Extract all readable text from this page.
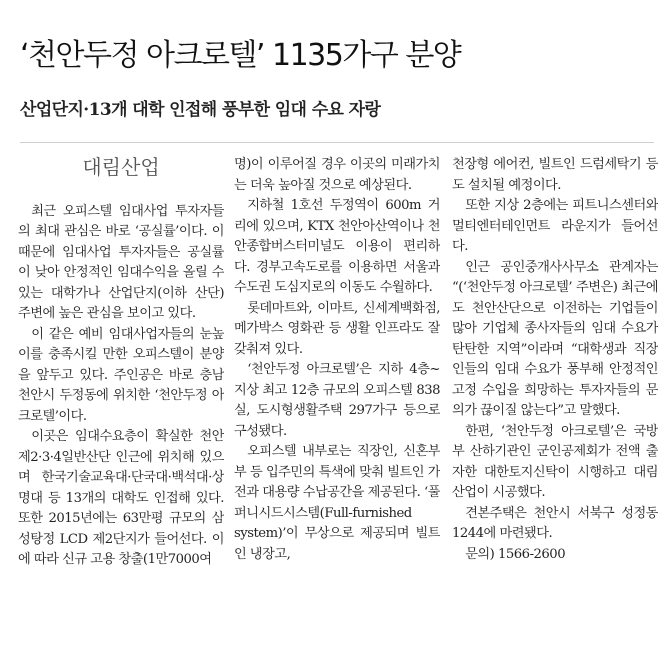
‘천안두정 아크로텔’ 1135가구 분양
산업단지·13개 대학 인접해 풍부한 임대 수요 자랑
대림산업

최근 오피스텔 임대사업 투자자들의 최대 관심은 바로 ‘공실률’이다. 이 때문에 임대사업 투자자들은 공실률이 낮아 안정적인 임대수익을 올릴 수 있는 대학가나 산업단지(이하 산단) 주변에 높은 관심을 보이고 있다.

이 같은 예비 임대사업자들의 눈높이를 충족시킬 만한 오피스텔이 분양을 앞두고 있다. 주인공은 바로 충남 천안시 두정동에 위치한 ‘천안두정 아크로텔’이다.

이곳은 임대수요층이 확실한 천안 제2·3·4일반산단 인근에 위치해 있으며 한국기술교육대·단국대·백석대·상명대 등 13개의 대학도 인접해 있다. 또한 2015년에는 63만평 규모의 삼성탕정 LCD 제2단지가 들어선다. 이에 따라 신규 고용 창출(1만7000여

명)이 이루어질 경우 이곳의 미래가치는 더욱 높아질 것으로 예상된다.

지하철 1호선 두정역이 600m 거리에 있으며, KTX 천안아산역이나 천안종합버스터미널도 이용이 편리하다. 경부고속도로를 이용하면 서울과 수도권 도심지로의 이동도 수월하다.

롯데마트와, 이마트, 신세계백화점, 메가박스 영화관 등 생활 인프라도 잘 갖춰져 있다.

‘천안두정 아크로텔’은 지하 4층~지상 최고 12층 규모의 오피스텔 838실, 도시형생활주택 297가구 등으로 구성됐다.

오피스텔 내부로는 직장인, 신혼부부 등 입주민의 특색에 맞춰 빌트인 가전과 대용량 수납공간을 제공된다. ‘풀퍼니시드시스템(Full-furnished system)’이 무상으로 제공되며 빌트인 냉장고,

천장형 에어컨, 빌트인 드럼세탁기 등도 설치될 예정이다.

또한 지상 2층에는 피트니스센터와 멀티엔터테인먼트 라운지가 들어선다.

인근 공인중개사사무소 관계자는 “(‘천안두정 아크로텔’ 주변은) 최근에도 천안산단으로 이전하는 기업들이 많아 기업체 종사자들의 임대 수요가 탄탄한 지역”이라며 “대학생과 직장인들의 임대 수요가 풍부해 안정적인 고정 수입을 희망하는 투자자들의 문의가 끊이질 않는다”고 말했다.

한편, ‘천안두정 아크로텔’은 국방부 산하기관인 군인공제회가 전액 출자한 대한토지신탁이 시행하고 대림산업이 시공했다.

견본주택은 천안시 서북구 성정동 1244에 마련됐다.

문의) 1566-2600
